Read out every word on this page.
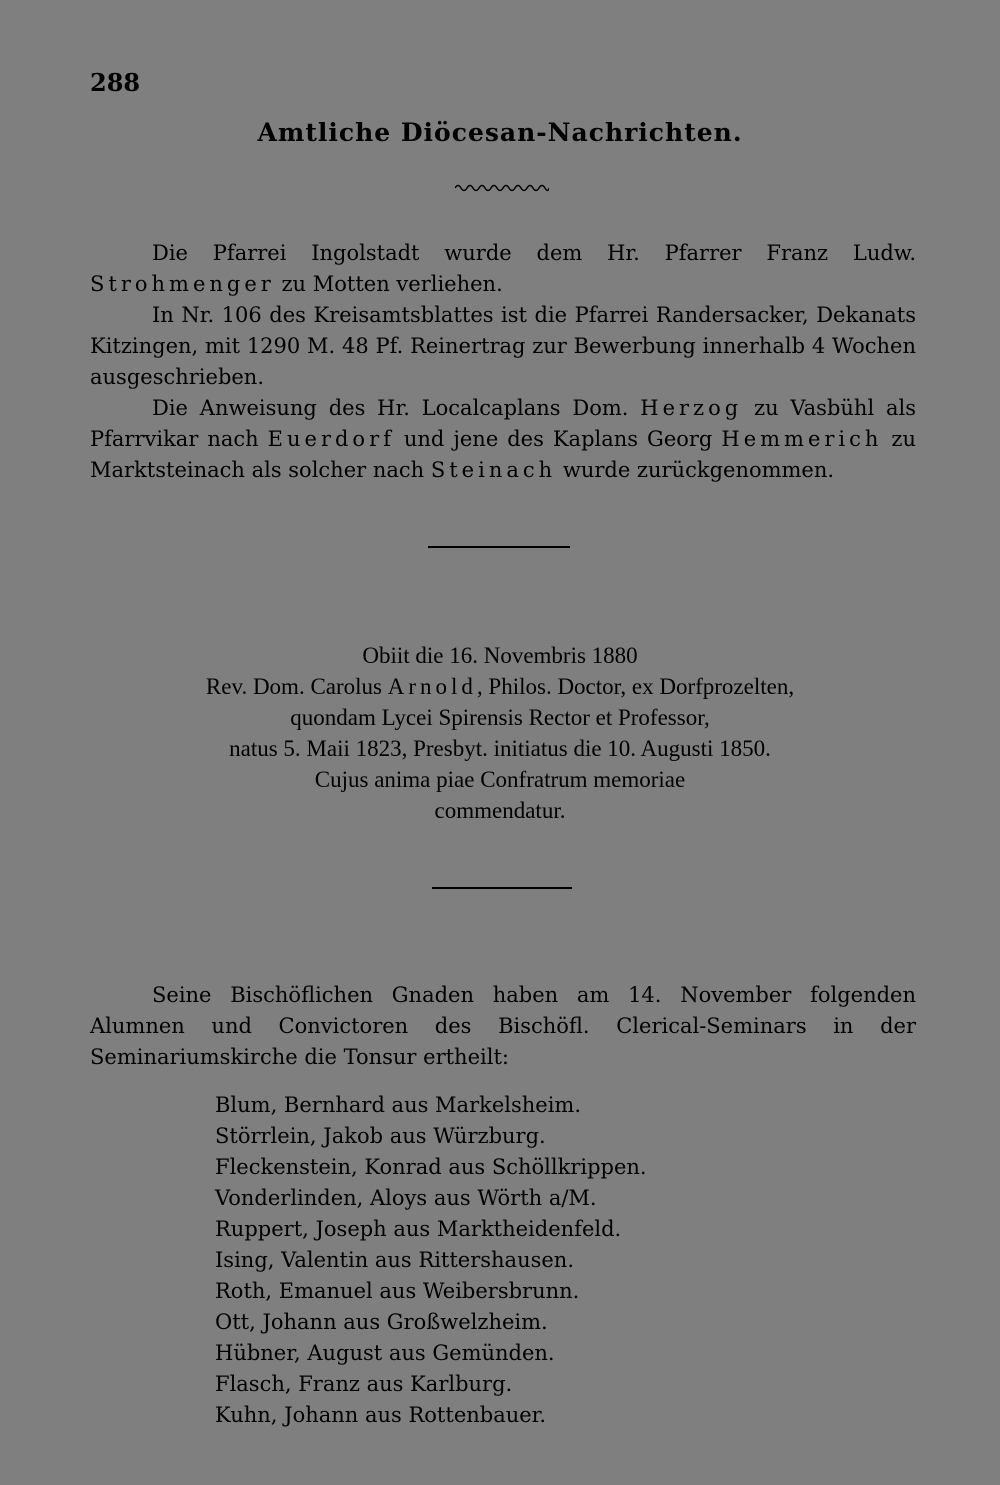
288
Amtliche Diöcesan-Nachrichten.

Die Pfarrei Ingolstadt wurde dem Hr. Pfarrer Franz Ludw. Strohmenger zu Motten verliehen.

In Nr. 106 des Kreisamtsblattes ist die Pfarrei Randersacker, Dekanats Kitzingen, mit 1290 M. 48 Pf. Reinertrag zur Bewerbung innerhalb 4 Wochen ausgeschrieben.

Die Anweisung des Hr. Localcaplans Dom. Herzog zu Vasbühl als Pfarrvikar nach Euerdorf und jene des Kaplans Georg Hemmerich zu Marktsteinach als solcher nach Steinach wurde zurückgenommen.

Obiit die 16. Novembris 1880
Rev. Dom. Carolus Arnold, Philos. Doctor, ex Dorfprozelten,
quondam Lycei Spirensis Rector et Professor,
natus 5. Maii 1823, Presbyt. initiatus die 10. Augusti 1850.
Cujus anima piae Confratrum memoriae
commendatur.

Seine Bischöflichen Gnaden haben am 14. November folgenden Alumnen und Convictoren des Bischöfl. Clerical-Seminars in der Seminariumskirche die Tonsur ertheilt:

Blum, Bernhard aus Markelsheim.
Störrlein, Jakob aus Würzburg.
Fleckenstein, Konrad aus Schöllkrippen.
Vonderlinden, Aloys aus Wörth a/M.
Ruppert, Joseph aus Marktheidenfeld.
Ising, Valentin aus Rittershausen.
Roth, Emanuel aus Weibersbrunn.
Ott, Johann aus Großwelzheim.
Hübner, August aus Gemünden.
Flasch, Franz aus Karlburg.
Kuhn, Johann aus Rottenbauer.
